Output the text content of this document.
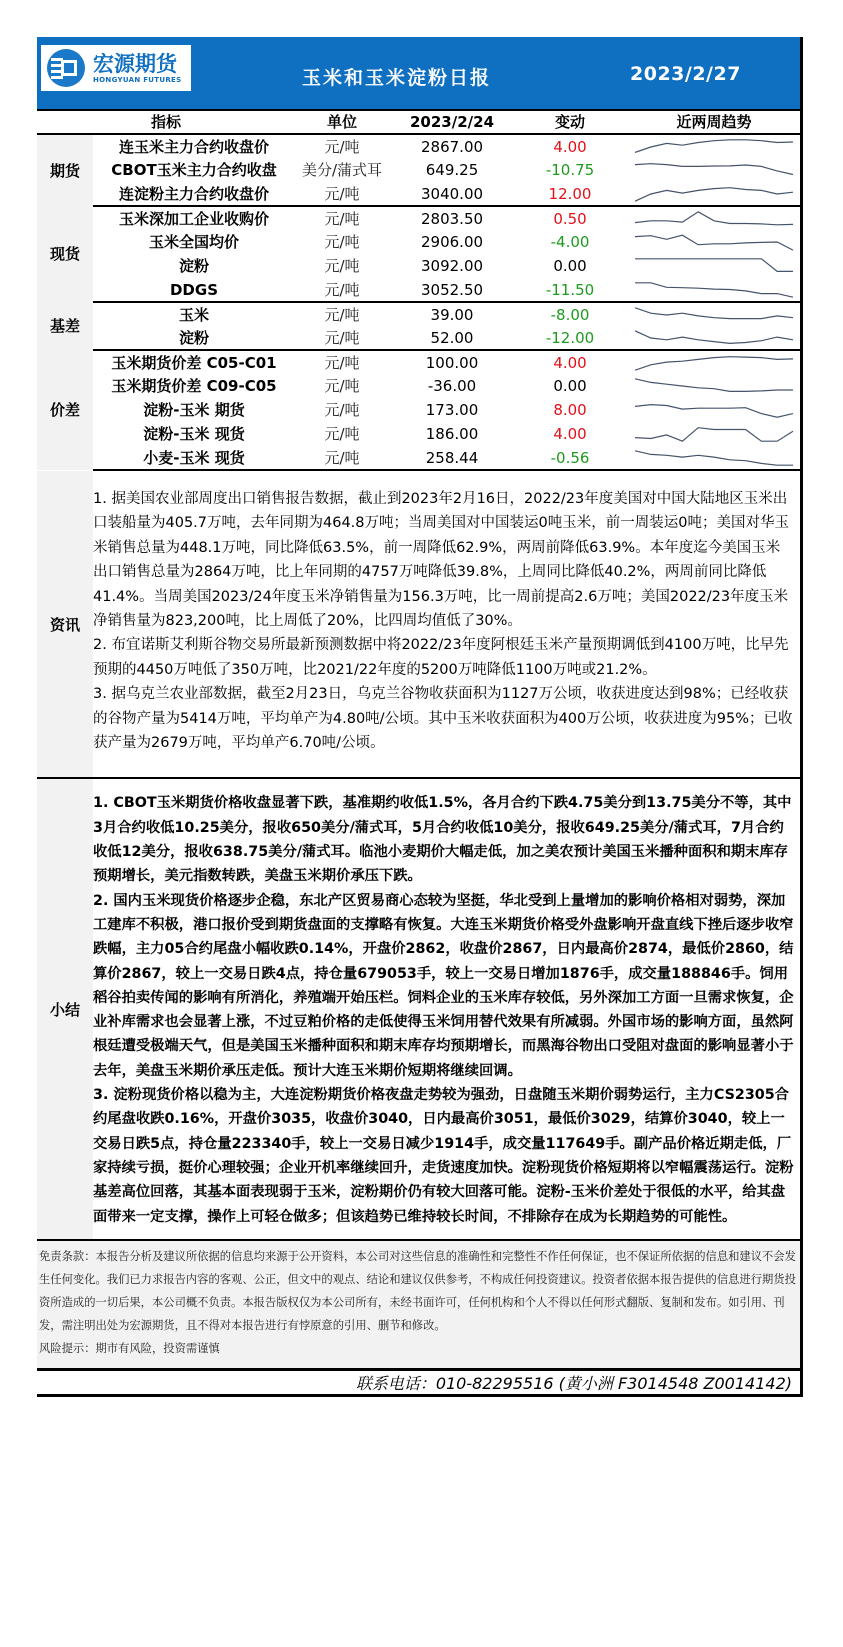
宏源期货
HONGYUAN FUTURES	玉米和玉米淀粉日报	2023/2/27
指标		单位	2023/2/24	变动	近两周趋势
期货	连玉米主力合约收盘价	元/吨	2867.00	4.00	

	CBOT玉米主力合约收盘	美分/蒲式耳	649.25	-10.75	

	连淀粉主力合约收盘价	元/吨	3040.00	12.00	

现货	玉米深加工企业收购价	元/吨	2803.50	0.50	

	玉米全国均价	元/吨	2906.00	-4.00	

	淀粉	元/吨	3092.00	0.00	

	DDGS	元/吨	3052.50	-11.50	

基差	玉米	元/吨	39.00	-8.00	

	淀粉	元/吨	52.00	-12.00	

价差	玉米期货价差 C05-C01	元/吨	100.00	4.00	

	玉米期货价差 C09-C05	元/吨	-36.00	0.00	

	淀粉-玉米 期货	元/吨	173.00	8.00	

	淀粉-玉米 现货	元/吨	186.00	4.00	

	小麦-玉米 现货	元/吨	258.44	-0.56	
资讯

1. 据美国农业部周度出口销售报告数据，截止到2023年2月16日，2022/23年度美国对中国大陆地区玉米出口装船量为405.7万吨，去年同期为464.8万吨；当周美国对中国装运0吨玉米，前一周装运0吨；美国对华玉米销售总量为448.1万吨，同比降低63.5%，前一周降低62.9%，两周前降低63.9%。本年度迄今美国玉米出口销售总量为2864万吨，比上年同期的4757万吨降低39.8%，上周同比降低40.2%，两周前同比降低41.4%。当周美国2023/24年度玉米净销售量为156.3万吨，比一周前提高2.6万吨；美国2022/23年度玉米净销售量为823,200吨，比上周低了20%，比四周均值低了30%。

2. 布宜诺斯艾利斯谷物交易所最新预测数据中将2022/23年度阿根廷玉米产量预期调低到4100万吨，比早先预期的4450万吨低了350万吨，比2021/22年度的5200万吨降低1100万吨或21.2%。

3. 据乌克兰农业部数据，截至2月23日，乌克兰谷物收获面积为1127万公顷，收获进度达到98%；已经收获的谷物产量为5414万吨，平均单产为4.80吨/公顷。其中玉米收获面积为400万公顷，收获进度为95%；已收获产量为2679万吨，平均单产6.70吨/公顷。

小结

1. CBOT玉米期货价格收盘显著下跌，基准期约收低1.5%，各月合约下跌4.75美分到13.75美分不等，其中3月合约收低10.25美分，报收650美分/蒲式耳，5月合约收低10美分，报收649.25美分/蒲式耳，7月合约收低12美分，报收638.75美分/蒲式耳。临池小麦期价大幅走低，加之美农预计美国玉米播种面积和期末库存预期增长，美元指数转跌，美盘玉米期价承压下跌。

2. 国内玉米现货价格逐步企稳，东北产区贸易商心态较为坚挺，华北受到上量增加的影响价格相对弱势，深加工建库不积极，港口报价受到期货盘面的支撑略有恢复。大连玉米期货价格受外盘影响开盘直线下挫后逐步收窄跌幅，主力05合约尾盘小幅收跌0.14%，开盘价2862，收盘价2867，日内最高价2874，最低价2860，结算价2867，较上一交易日跌4点，持仓量679053手，较上一交易日增加1876手，成交量188846手。饲用稻谷拍卖传闻的影响有所消化，养殖端开始压栏。饲料企业的玉米库存较低，另外深加工方面一旦需求恢复，企业补库需求也会显著上涨，不过豆粕价格的走低使得玉米饲用替代效果有所减弱。外国市场的影响方面，虽然阿根廷遭受极端天气，但是美国玉米播种面积和期末库存均预期增长，而黑海谷物出口受阻对盘面的影响显著小于去年，美盘玉米期价承压走低。预计大连玉米期价短期将继续回调。

3. 淀粉现货价格以稳为主，大连淀粉期货价格夜盘走势较为强劲，日盘随玉米期价弱势运行，主力CS2305合约尾盘收跌0.16%，开盘价3035，收盘价3040，日内最高价3051，最低价3029，结算价3040，较上一交易日跌5点，持仓量223340手，较上一交易日减少1914手，成交量117649手。副产品价格近期走低，厂家持续亏损，挺价心理较强；企业开机率继续回升，走货速度加快。淀粉现货价格短期将以窄幅震荡运行。淀粉基差高位回落，其基本面表现弱于玉米，淀粉期价仍有较大回落可能。淀粉-玉米价差处于很低的水平，给其盘面带来一定支撑，操作上可轻仓做多；但该趋势已维持较长时间，不排除存在成为长期趋势的可能性。

免责条款：本报告分析及建议所依据的信息均来源于公开资料，本公司对这些信息的准确性和完整性不作任何保证，也不保证所依据的信息和建议不会发生任何变化。我们已力求报告内容的客观、公正，但文中的观点、结论和建议仅供参考，不构成任何投资建议。投资者依据本报告提供的信息进行期货投资所造成的一切后果，本公司概不负责。本报告版权仅为本公司所有，未经书面许可，任何机构和个人不得以任何形式翻版、复制和发布。如引用、刊发，需注明出处为宏源期货，且不得对本报告进行有悖原意的引用、删节和修改。
风险提示：期市有风险，投资需谨慎
联系电话：010-82295516 (黄小洲 F3014548 Z0014142)
